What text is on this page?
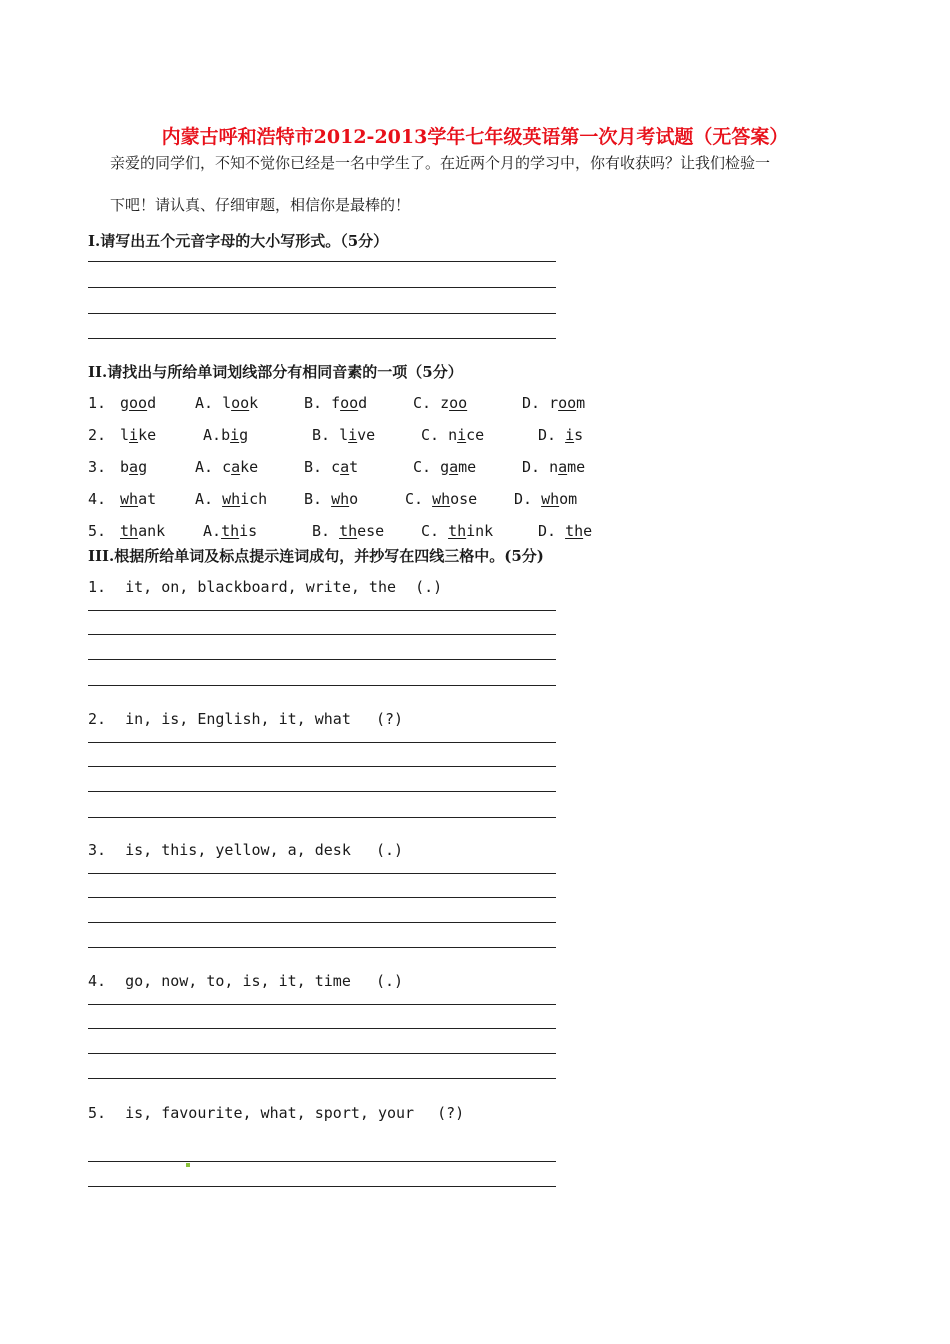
内蒙古呼和浩特市2012-2013学年七年级英语第一次月考试题（无答案）
亲爱的同学们，不知不觉你已经是一名中学生了。在近两个月的学习中，你有收获吗？让我们检验一
下吧！请认真、仔细审题，相信你是最棒的！
I.请写出五个元音字母的大小写形式。（5分）
II.请找出与所给单词划线部分有相同音素的一项（5分）
1. good	A. look	B. food	C. zoo	D. room
2. like	A.big	B. live	C. nice	D. is
3. bag	A. cake	B. cat	C. game	D. name
4. what	A. which B. who	C. whose D. whom
5. thank	A.this	B. these C. think	D. the
III.根据所给单词及标点提示连词成句，并抄写在四线三格中。(5分)
1. it, on, blackboard, write, the (.)
2. in, is, English, it, what (?)
3. is, this, yellow, a, desk (.)
4. go, now, to, is, it, time (.)
5. is, favourite, what, sport, your (?)
